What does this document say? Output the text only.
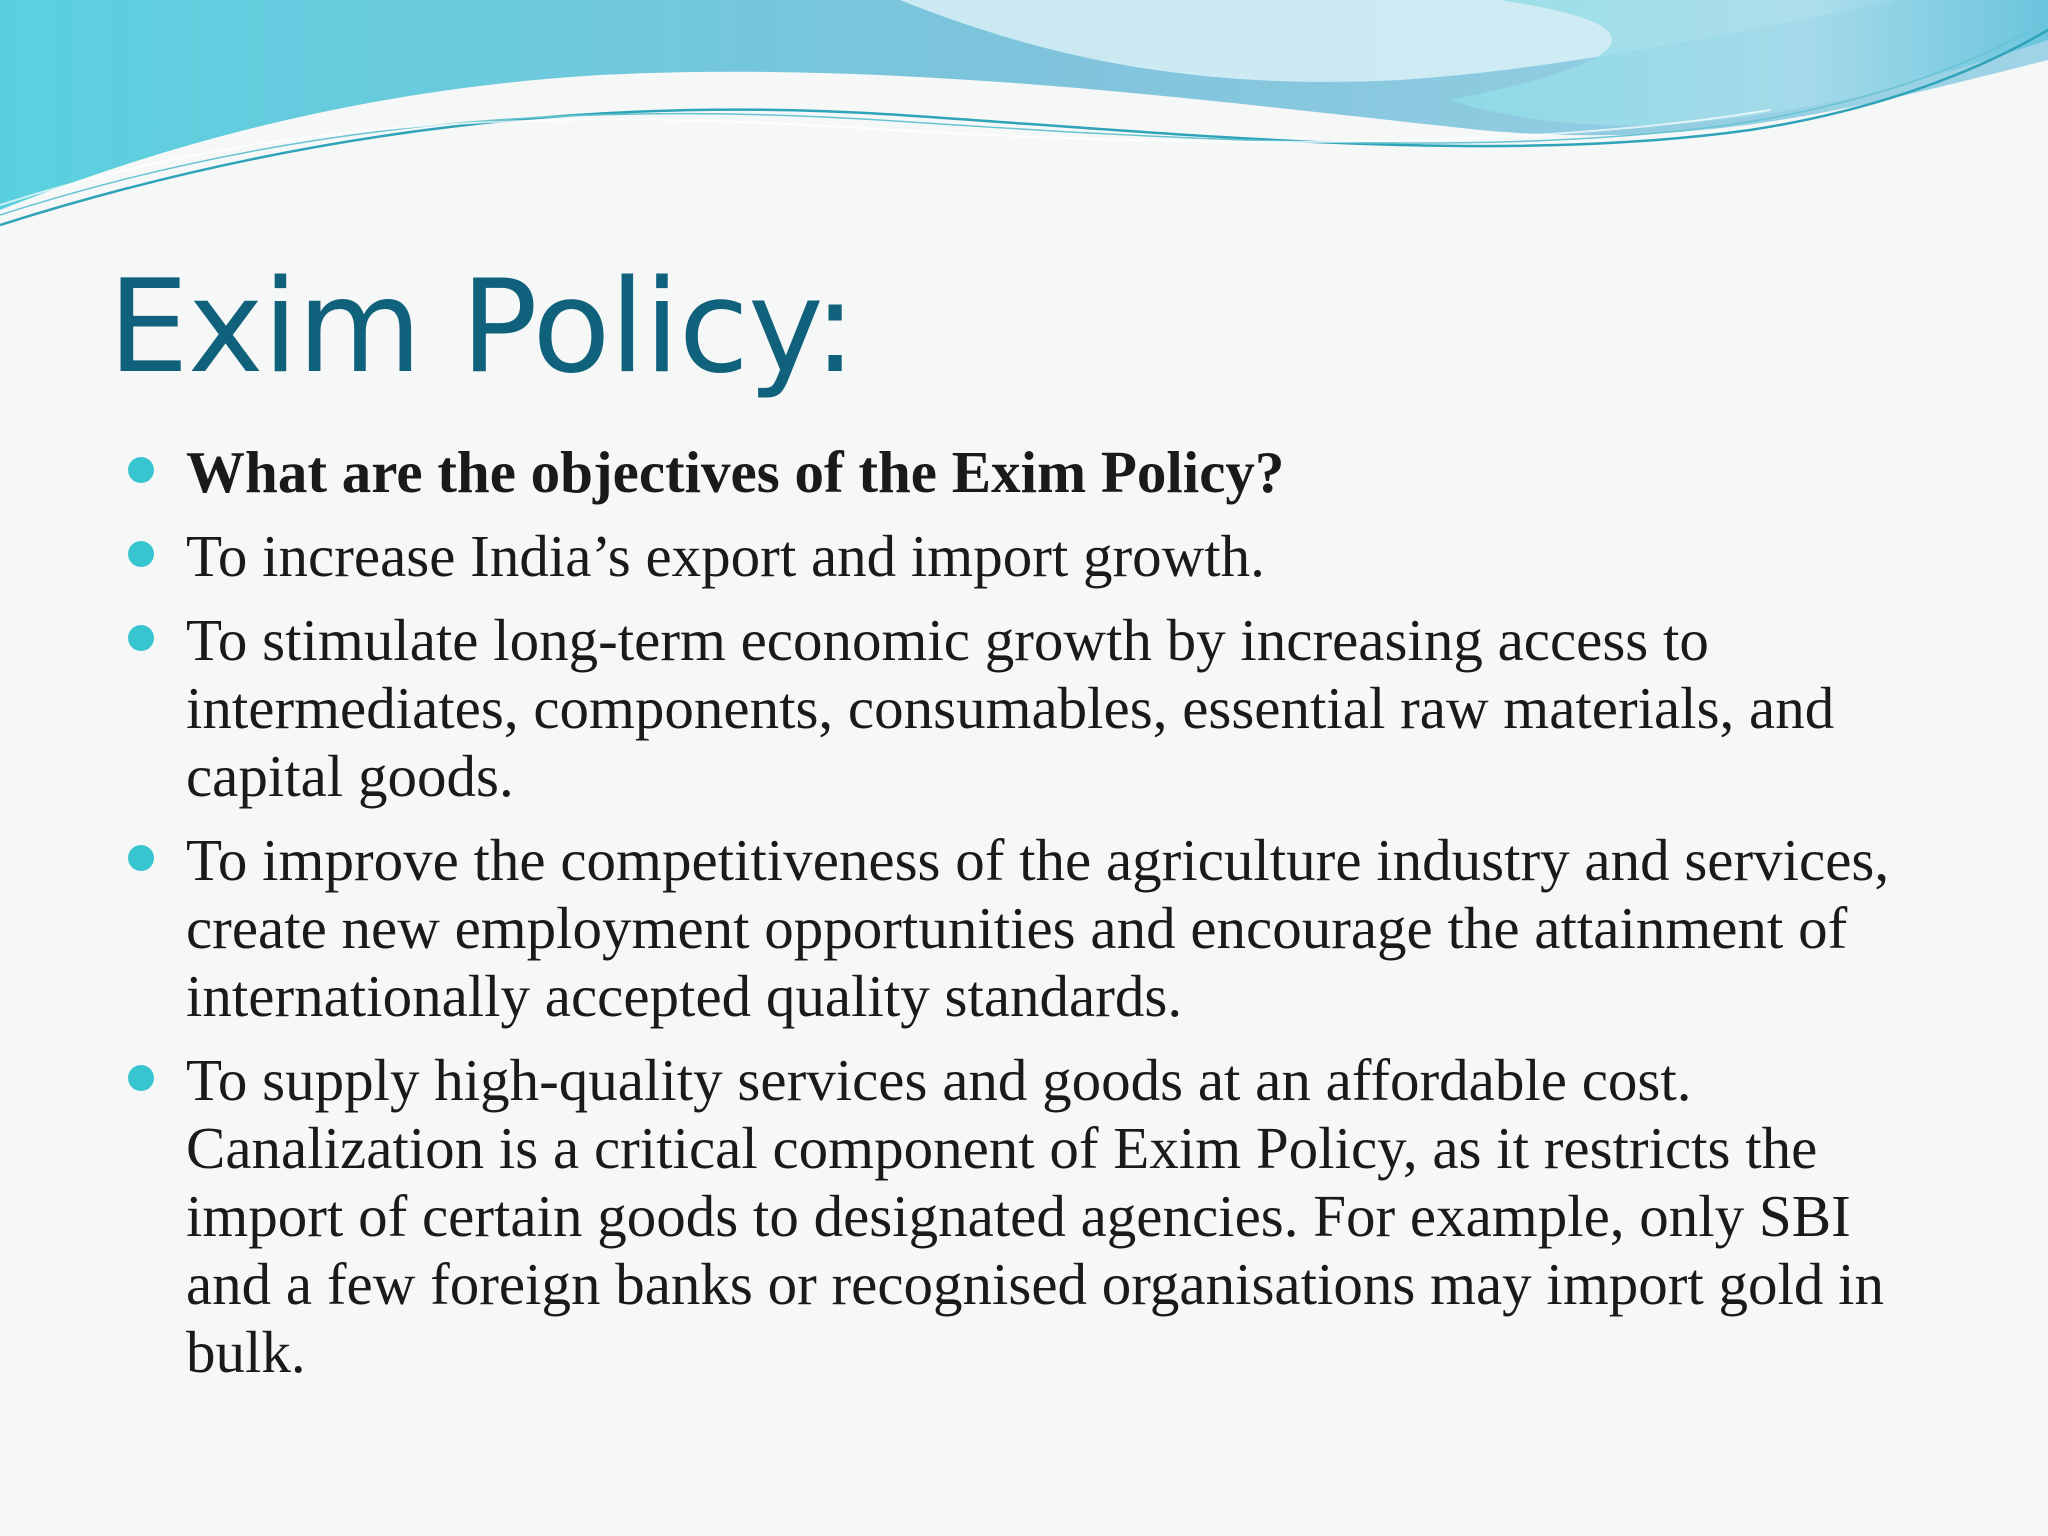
Exim Policy:
What are the objectives of the Exim Policy?
To increase India’s export and import growth.
To stimulate long-term economic growth by increasing access to intermediates, components, consumables, essential raw materials, and capital goods.
To improve the competitiveness of the agriculture industry and services, create new employment opportunities and encourage the attainment of internationally accepted quality standards.
To supply high-quality services and goods at an affordable cost. Canalization is a critical component of Exim Policy, as it restricts the import of certain goods to designated agencies. For example, only SBI and a few foreign banks or recognised organisations may import gold in bulk.
